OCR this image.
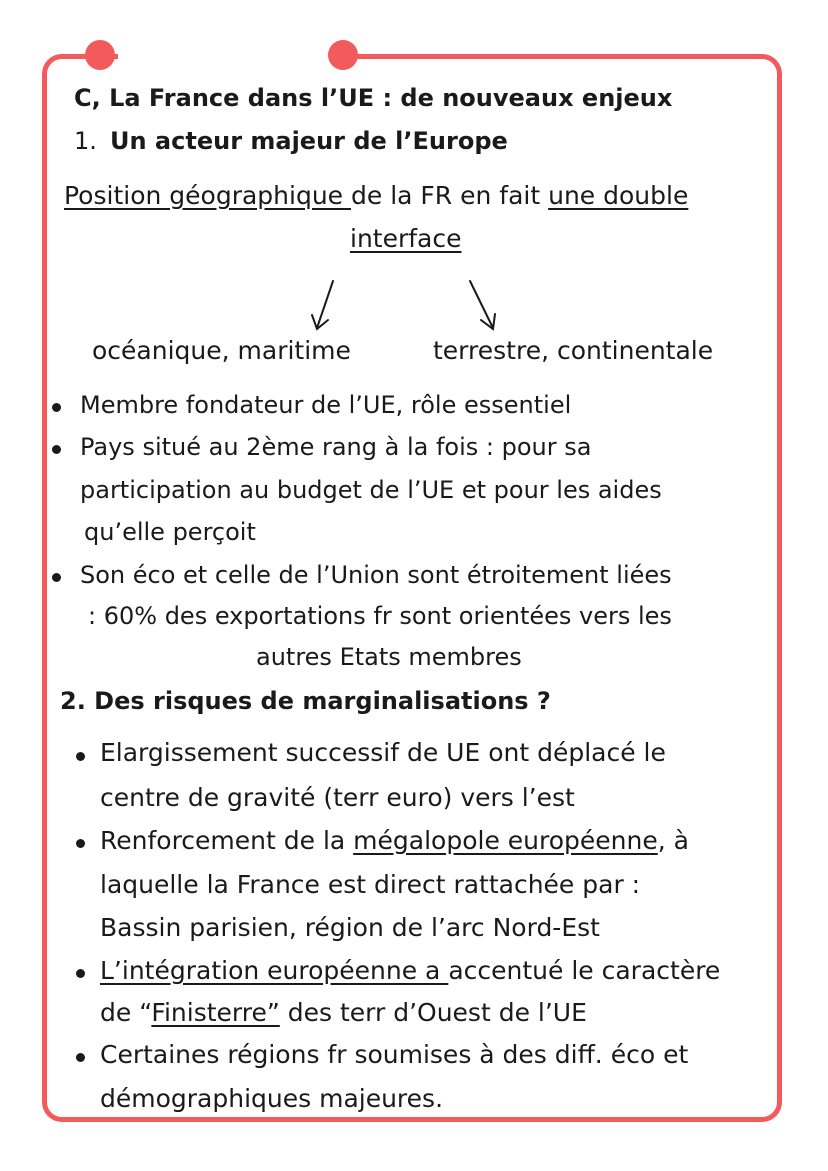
C, La France dans l’UE : de nouveaux enjeux
1. Un acteur majeur de l’Europe
Position géographique de la FR en fait une double
interface
océanique, maritime	terrestre, continentale
Membre fondateur de l’UE, rôle essentiel
Pays situé au 2ème rang à la fois : pour sa
participation au budget de l’UE et pour les aides
qu’elle perçoit
Son éco et celle de l’Union sont étroitement liées
: 60% des exportations fr sont orientées vers les
autres Etats membres
2. Des risques de marginalisations ?
Elargissement successif de UE ont déplacé le
centre de gravité (terr euro) vers l’est
Renforcement de la mégalopole européenne, à
laquelle la France est direct rattachée par :
Bassin parisien, région de l’arc Nord-Est
L’intégration européenne a accentué le caractère
de “Finisterre” des terr d’Ouest de l’UE
Certaines régions fr soumises à des diff. éco et
démographiques majeures.
